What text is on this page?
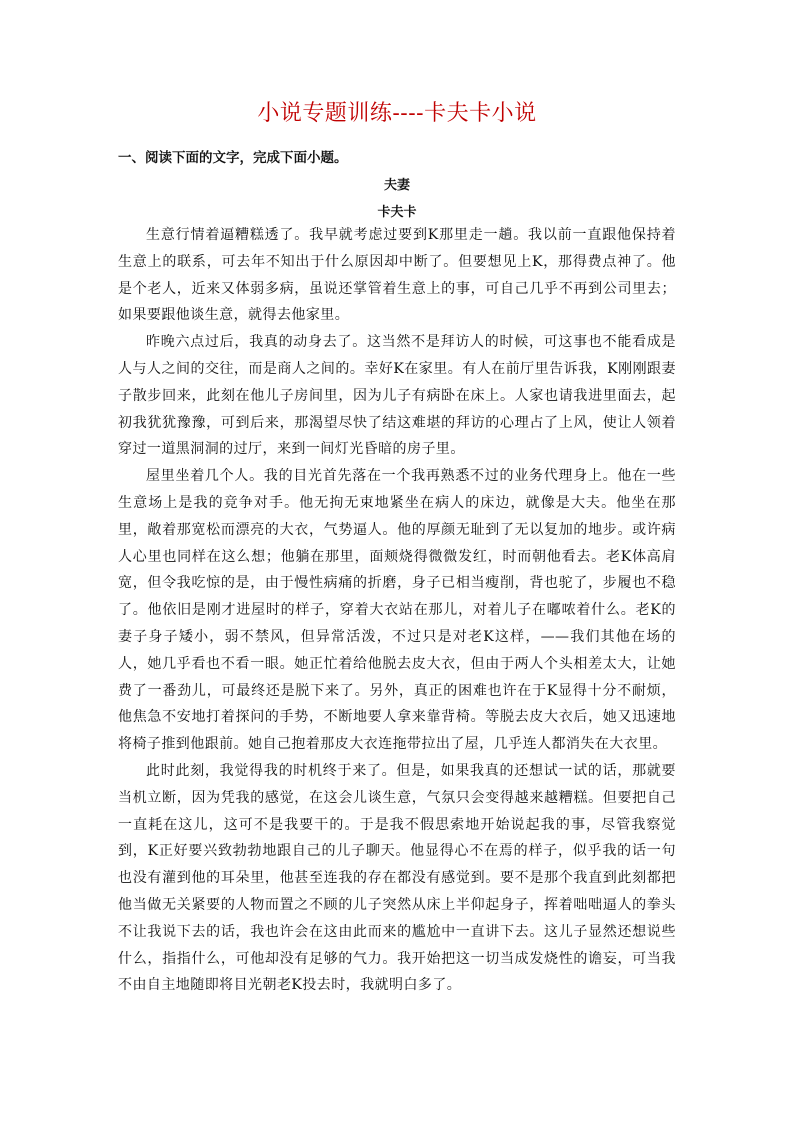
小说专题训练----卡夫卡小说
一、阅读下面的文字，完成下面小题。
夫妻
卡夫卡

生意行情着逼糟糕透了。我早就考虑过要到K那里走一趟。我以前一直跟他保持着生意上的联系，可去年不知出于什么原因却中断了。但要想见上K，那得费点神了。他是个老人，近来又体弱多病，虽说还掌管着生意上的事，可自己几乎不再到公司里去；如果要跟他谈生意，就得去他家里。

昨晚六点过后，我真的动身去了。这当然不是拜访人的时候，可这事也不能看成是人与人之间的交往，而是商人之间的。幸好K在家里。有人在前厅里告诉我，K刚刚跟妻子散步回来，此刻在他儿子房间里，因为儿子有病卧在床上。人家也请我进里面去，起初我犹犹豫豫，可到后来，那渴望尽快了结这难堪的拜访的心理占了上风，使让人领着穿过一道黑洞洞的过厅，来到一间灯光昏暗的房子里。

屋里坐着几个人。我的目光首先落在一个我再熟悉不过的业务代理身上。他在一些生意场上是我的竞争对手。他无拘无束地紧坐在病人的床边，就像是大夫。他坐在那里，敞着那宽松而漂亮的大衣，气势逼人。他的厚颜无耻到了无以复加的地步。或许病人心里也同样在这么想；他躺在那里，面颊烧得微微发红，时而朝他看去。老K体高肩宽，但令我吃惊的是，由于慢性病痛的折磨，身子已相当瘦削，背也驼了，步履也不稳了。他依旧是刚才进屋时的样子，穿着大衣站在那儿，对着儿子在嘟哝着什么。老K的妻子身子矮小，弱不禁风，但异常活泼，不过只是对老K这样，——我们其他在场的人，她几乎看也不看一眼。她正忙着给他脱去皮大衣，但由于两人个头相差太大，让她费了一番劲儿，可最终还是脱下来了。另外，真正的困难也许在于K显得十分不耐烦，他焦急不安地打着探问的手势，不断地要人拿来靠背椅。等脱去皮大衣后，她又迅速地将椅子推到他跟前。她自己抱着那皮大衣连拖带拉出了屋，几乎连人都消失在大衣里。

此时此刻，我觉得我的时机终于来了。但是，如果我真的还想试一试的话，那就要当机立断，因为凭我的感觉，在这会儿谈生意，气氛只会变得越来越糟糕。但要把自己一直耗在这儿，这可不是我要干的。于是我不假思索地开始说起我的事，尽管我察觉到，K正好要兴致勃勃地跟自己的儿子聊天。他显得心不在焉的样子，似乎我的话一句也没有灌到他的耳朵里，他甚至连我的存在都没有感觉到。要不是那个我直到此刻都把他当做无关紧要的人物而置之不顾的儿子突然从床上半仰起身子，挥着咄咄逼人的拳头不让我说下去的话，我也许会在这由此而来的尴尬中一直讲下去。这儿子显然还想说些什么，指指什么，可他却没有足够的气力。我开始把这一切当成发烧性的谵妄，可当我不由自主地随即将目光朝老K投去时，我就明白多了。
